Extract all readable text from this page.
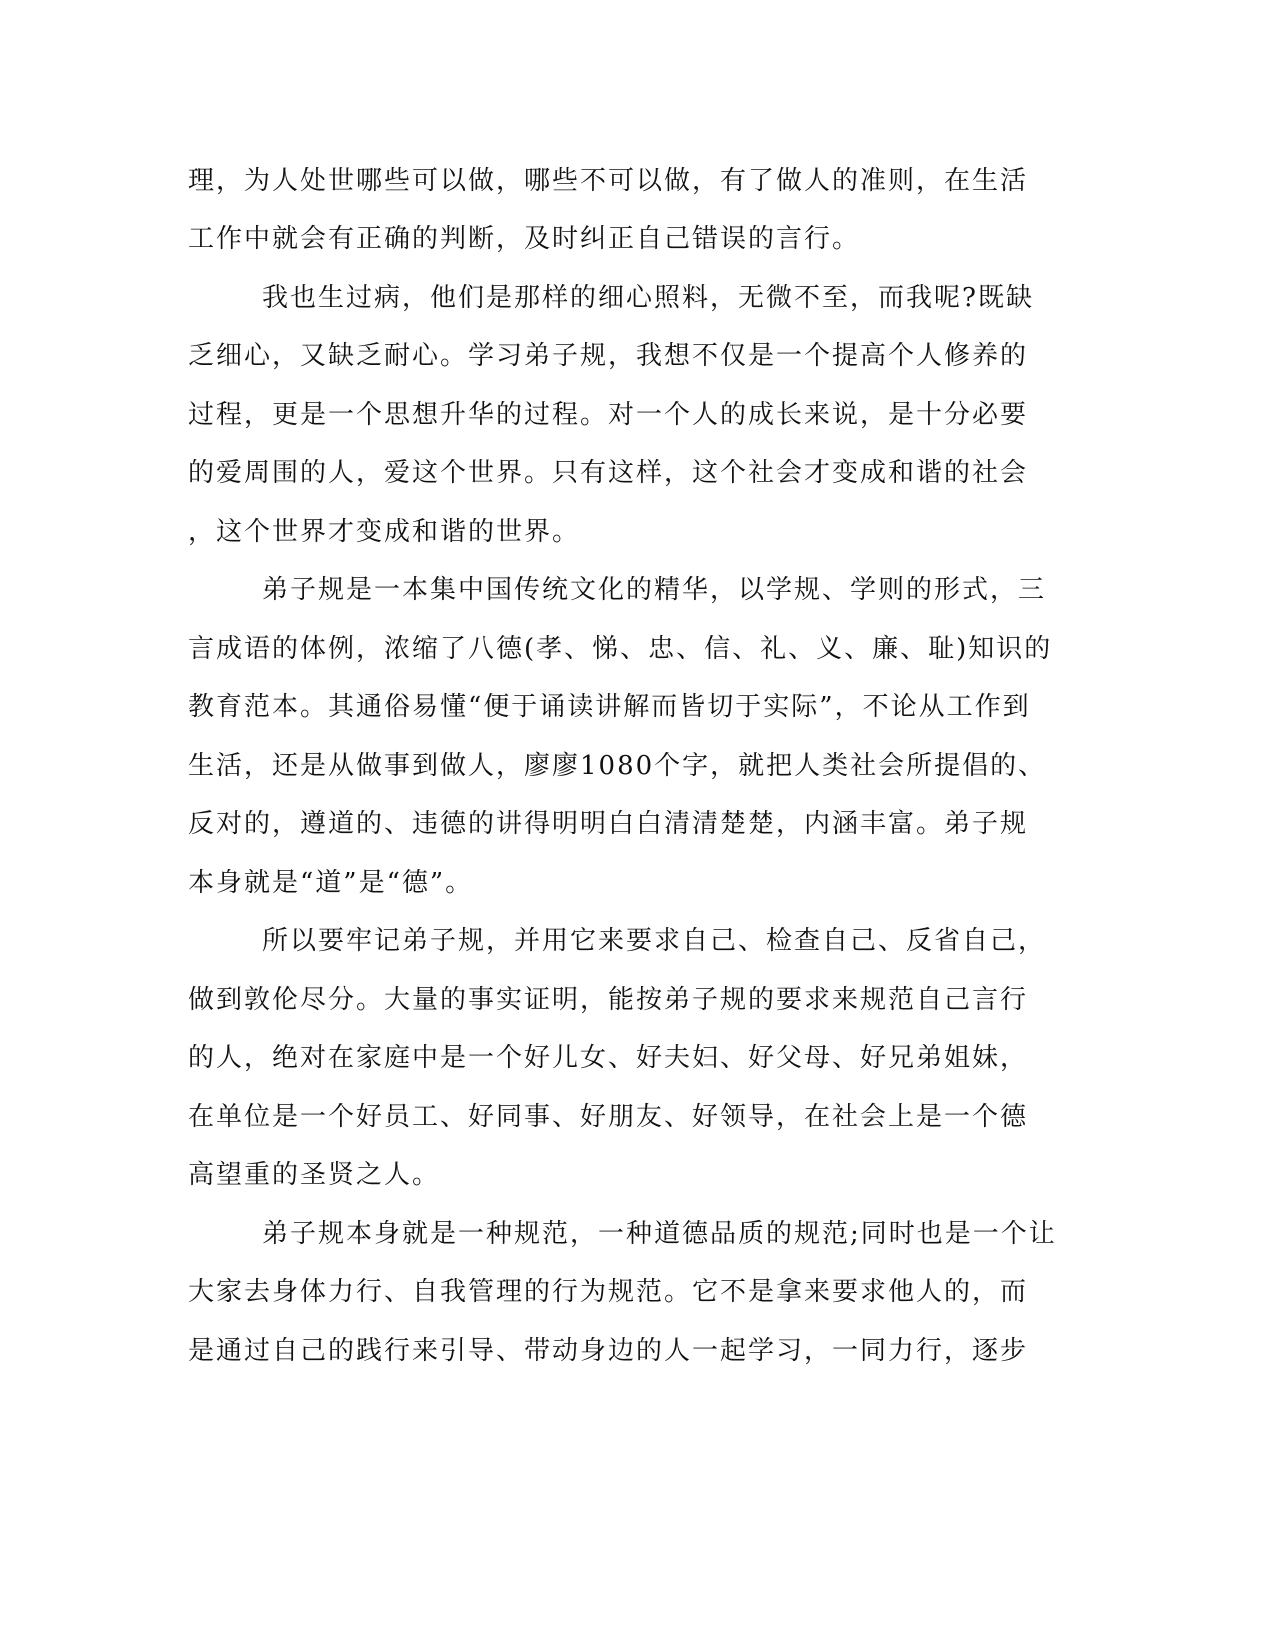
理，为人处世哪些可以做，哪些不可以做，有了做人的准则，在生活
工作中就会有正确的判断，及时纠正自己错误的言行。
我也生过病，他们是那样的细心照料，无微不至，而我呢?既缺
乏细心，又缺乏耐心。学习弟子规，我想不仅是一个提高个人修养的
过程，更是一个思想升华的过程。对一个人的成长来说，是十分必要
的爱周围的人，爱这个世界。只有这样，这个社会才变成和谐的社会
，这个世界才变成和谐的世界。
弟子规是一本集中国传统文化的精华，以学规、学则的形式，三
言成语的体例，浓缩了八德(孝、悌、忠、信、礼、义、廉、耻)知识的
教育范本。其通俗易懂“便于诵读讲解而皆切于实际”，不论从工作到
生活，还是从做事到做人，廖廖1080个字，就把人类社会所提倡的、
反对的，遵道的、违德的讲得明明白白清清楚楚，内涵丰富。弟子规
本身就是“道”是“德”。
所以要牢记弟子规，并用它来要求自己、检查自己、反省自己，
做到敦伦尽分。大量的事实证明，能按弟子规的要求来规范自己言行
的人，绝对在家庭中是一个好儿女、好夫妇、好父母、好兄弟姐妹，
在单位是一个好员工、好同事、好朋友、好领导，在社会上是一个德
高望重的圣贤之人。
弟子规本身就是一种规范，一种道德品质的规范;同时也是一个让
大家去身体力行、自我管理的行为规范。它不是拿来要求他人的，而
是通过自己的践行来引导、带动身边的人一起学习，一同力行，逐步
